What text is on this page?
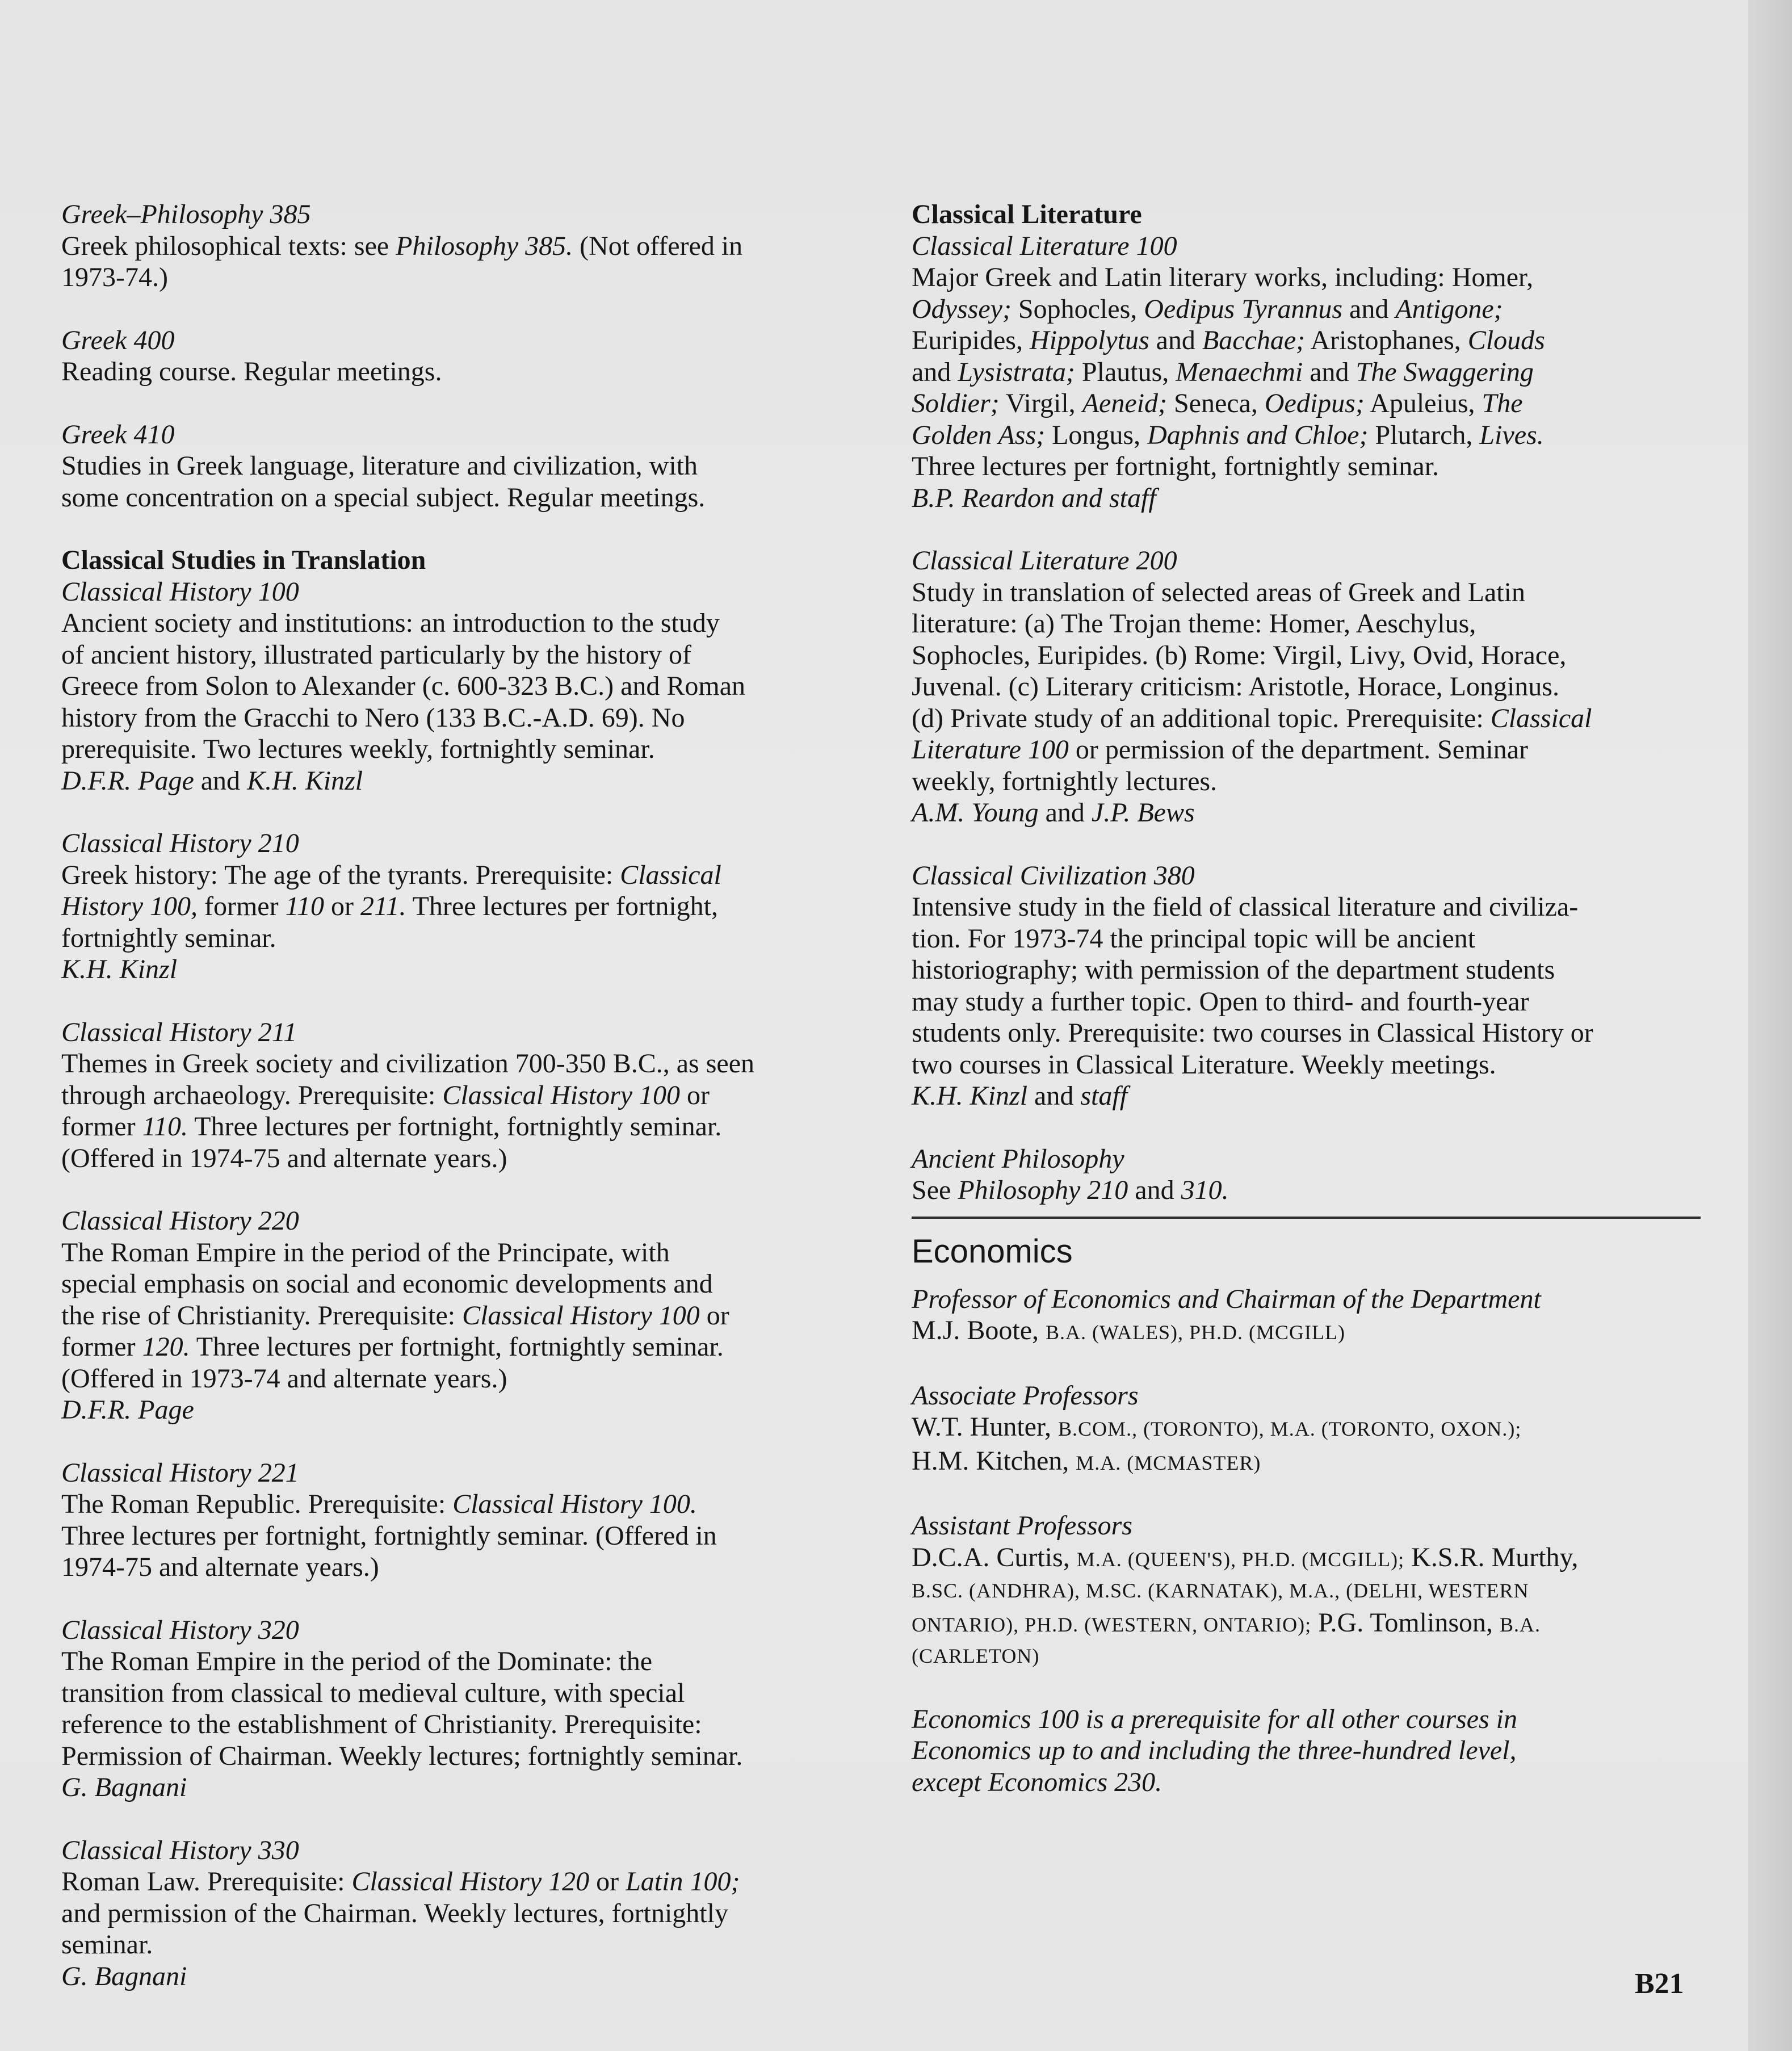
Greek–Philosophy 385
Greek philosophical texts: see Philosophy 385. (Not offered in
1973-74.)
Greek 400
Reading course. Regular meetings.
Greek 410
Studies in Greek language, literature and civilization, with
some concentration on a special subject. Regular meetings.
Classical Studies in Translation
Classical History 100
Ancient society and institutions: an introduction to the study
of ancient history, illustrated particularly by the history of
Greece from Solon to Alexander (c. 600-323 B.C.) and Roman
history from the Gracchi to Nero (133 B.C.-A.D. 69). No
prerequisite. Two lectures weekly, fortnightly seminar.
D.F.R. Page and K.H. Kinzl
Classical History 210
Greek history: The age of the tyrants. Prerequisite: Classical
History 100, former 110 or 211. Three lectures per fortnight,
fortnightly seminar.
K.H. Kinzl
Classical History 211
Themes in Greek society and civilization 700-350 B.C., as seen
through archaeology. Prerequisite: Classical History 100 or
former 110. Three lectures per fortnight, fortnightly seminar.
(Offered in 1974-75 and alternate years.)
Classical History 220
The Roman Empire in the period of the Principate, with
special emphasis on social and economic developments and
the rise of Christianity. Prerequisite: Classical History 100 or
former 120. Three lectures per fortnight, fortnightly seminar.
(Offered in 1973-74 and alternate years.)
D.F.R. Page
Classical History 221
The Roman Republic. Prerequisite: Classical History 100.
Three lectures per fortnight, fortnightly seminar. (Offered in
1974-75 and alternate years.)
Classical History 320
The Roman Empire in the period of the Dominate: the
transition from classical to medieval culture, with special
reference to the establishment of Christianity. Prerequisite:
Permission of Chairman. Weekly lectures; fortnightly seminar.
G. Bagnani
Classical History 330
Roman Law. Prerequisite: Classical History 120 or Latin 100;
and permission of the Chairman. Weekly lectures, fortnightly
seminar.
G. Bagnani
Classical Literature
Classical Literature 100
Major Greek and Latin literary works, including: Homer,
Odyssey; Sophocles, Oedipus Tyrannus and Antigone;
Euripides, Hippolytus and Bacchae; Aristophanes, Clouds
and Lysistrata; Plautus, Menaechmi and The Swaggering
Soldier; Virgil, Aeneid; Seneca, Oedipus; Apuleius, The
Golden Ass; Longus, Daphnis and Chloe; Plutarch, Lives.
Three lectures per fortnight, fortnightly seminar.
B.P. Reardon and staff
Classical Literature 200
Study in translation of selected areas of Greek and Latin
literature: (a) The Trojan theme: Homer, Aeschylus,
Sophocles, Euripides. (b) Rome: Virgil, Livy, Ovid, Horace,
Juvenal. (c) Literary criticism: Aristotle, Horace, Longinus.
(d) Private study of an additional topic. Prerequisite: Classical
Literature 100 or permission of the department. Seminar
weekly, fortnightly lectures.
A.M. Young and J.P. Bews
Classical Civilization 380
Intensive study in the field of classical literature and civiliza-
tion. For 1973-74 the principal topic will be ancient
historiography; with permission of the department students
may study a further topic. Open to third- and fourth-year
students only. Prerequisite: two courses in Classical History or
two courses in Classical Literature. Weekly meetings.
K.H. Kinzl and staff
Ancient Philosophy
See Philosophy 210 and 310.
Economics
Professor of Economics and Chairman of the Department
M.J. Boote, B.A. (WALES), PH.D. (MCGILL)
Associate Professors
W.T. Hunter, B.COM., (TORONTO), M.A. (TORONTO, OXON.);
H.M. Kitchen, M.A. (MCMASTER)
Assistant Professors
D.C.A. Curtis, M.A. (QUEEN'S), PH.D. (MCGILL); K.S.R. Murthy,
B.SC. (ANDHRA), M.SC. (KARNATAK), M.A., (DELHI, WESTERN
ONTARIO), PH.D. (WESTERN, ONTARIO); P.G. Tomlinson, B.A.
(CARLETON)
Economics 100 is a prerequisite for all other courses in
Economics up to and including the three-hundred level,
except Economics 230.
B21
